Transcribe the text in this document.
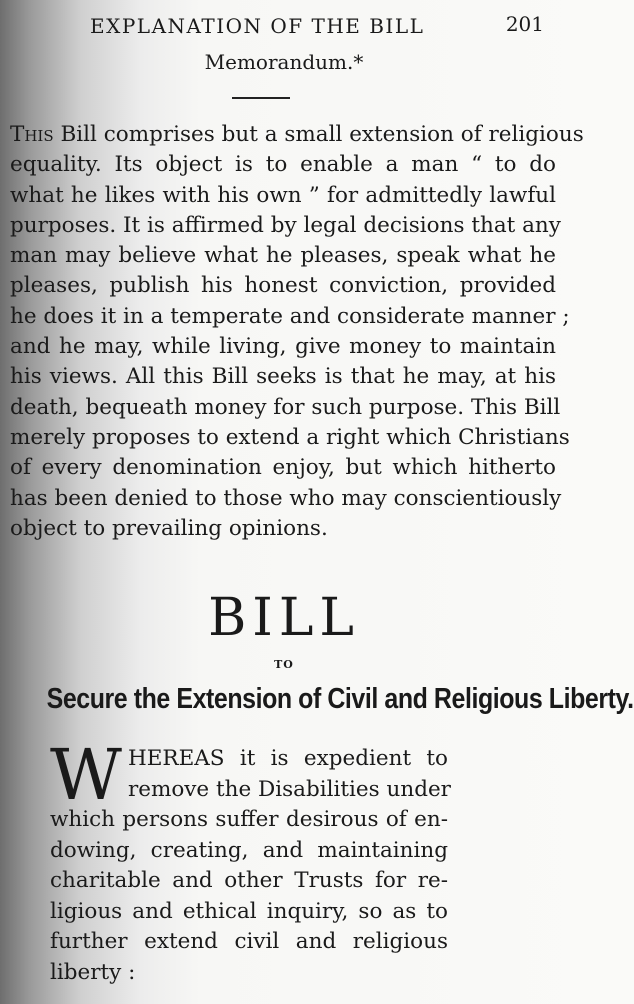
EXPLANATION OF THE BILL	201
Memorandum.*
This Bill comprises but a small extension of religious
equality. Its object is to enable a man “ to do
what he likes with his own ” for admittedly lawful
purposes. It is affirmed by legal decisions that any
man may believe what he pleases, speak what he
pleases, publish his honest conviction, provided
he does it in a temperate and considerate manner ;
and he may, while living, give money to maintain
his views. All this Bill seeks is that he may, at his
death, bequeath money for such purpose. This Bill
merely proposes to extend a right which Christians
of every denomination enjoy, but which hitherto
has been denied to those who may conscientiously
object to prevailing opinions.
BILL
TO
Secure the Extension of Civil and Religious Liberty.
W HEREAS it is expedient to
remove the Disabilities under
which persons suffer desirous of en-
dowing, creating, and maintaining
charitable and other Trusts for re-
ligious and ethical inquiry, so as to
further extend civil and religious
liberty :
